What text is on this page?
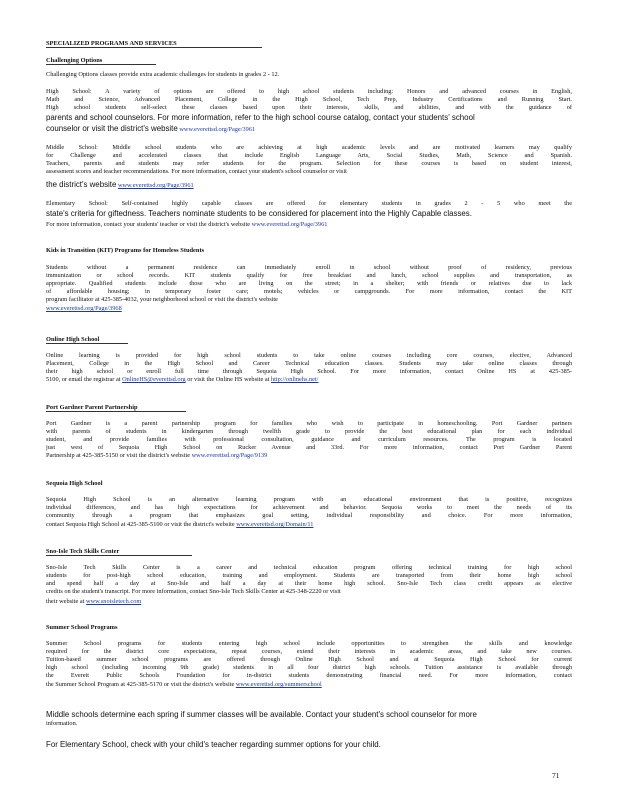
SPECIALIZED PROGRAMS AND SERVICES
Challenging Options
Challenging Options classes provide extra academic challenges for students in grades 2 - 12.
High School: A variety of options are offered to high school students including: Honors and advanced courses in English,
Math and Science, Advanced Placement, College in the High School, Tech Prep, Industry Certifications and Running Start.
High school students self-select these classes based upon their interests, skills, and abilities, and with the guidance of
parents and school counselors. For more information, refer to the high school course catalog, contact your students' school
counselor or visit the district's website www.everettsd.org/Page/3961
Middle School: Middle school students who are achieving at high academic levels and are motivated learners may qualify
for Challenge and accelerated classes that include English Language Arts, Social Studies, Math, Science and Spanish.
Teachers, parents and students may refer students for the program. Selection for these courses is based on student interest,
assessment scores and teacher recommendations. For more information, contact your student's school counselor or visit
the district's website www.everettsd.org/Page/3961
Elementary School: Self-contained highly capable classes are offered for elementary students in grades 2 - 5 who meet the
state's criteria for giftedness. Teachers nominate students to be considered for placement into the Highly Capable classes.
For more information, contact your students' teacher or visit the district's website www.everettsd.org/Page/3961
Kids in Transition (KIT) Programs for Homeless Students
Students without a permanent residence can immediately enroll in school without proof of residency, previous
immunization or school records. KIT students qualify for free breakfast and lunch, school supplies and transportation, as
appropriate. Qualified students include those who are living on the street; in a shelter; with friends or relatives due to lack
of affordable housing; in temporary foster care; motels; vehicles or campgrounds. For more information, contact the KIT
program facilitator at 425-385-4032, your neighborhood school or visit the district's website
www.everettsd.org/Page/3968
Online High School
Online learning is provided for high school students to take online courses including core courses, elective, Advanced
Placement, College in the High School and Career Technical education classes. Students may take online classes through
their high school or enroll full time through Sequoia High School. For more information, contact Online HS at 425-385-
5100, or email the registrar at OnlineHS@everettsd.org or visit the Online HS website at http://onlinehs.net/
Port Gardner Parent Partnership
Port Gardner is a parent partnership program for families who wish to participate in homeschooling. Port Gardner partners
with parents of students in kindergarten through twelfth grade to provide the best educational plan for each individual
student, and provide families with professional consultation, guidance and curriculum resources. The program is located
just west of Sequoia High School on Rucker Avenue and 33rd. For more information, contact Port Gardner Parent
Partnership at 425-385-5150 or visit the district's website www.everettsd.org/Page/9139
Sequoia High School
Sequoia High School is an alternative learning program with an educational environment that is positive, recognizes
individual differences, and has high expectations for achievement and behavior. Sequoia works to meet the needs of its
community through a program that emphasizes goal setting, individual responsibility and choice. For more information,
contact Sequoia High School at 425-385-5100 or visit the district's website www.everettsd.org/Domain/11
Sno-Isle Tech Skills Center
Sno-Isle Tech Skills Center is a career and technical education program offering technical training for high school
students for post-high school education, training and employment. Students are transported from their home high school
and spend half a day at Sno-Isle and half a day at their home high school. Sno-Isle Tech class credit appears as elective
credits on the student's transcript. For more information, contact Sno-Isle Tech Skills Center at 425-348-2220 or visit
their website at www.snoisletech.com
Summer School Programs
Summer School programs for students entering high school include opportunities to strengthen the skills and knowledge
required for the district core expectations, repeat courses, extend their interests in academic areas, and take new courses.
Tuition-based summer school programs are offered through Online High School and at Sequoia High School for current
high school (including incoming 9th grade) students in all four district high schools. Tuition assistance is available through
the Everett Public Schools Foundation for in-district students demonstrating financial need. For more information, contact
the Summer School Program at 425-385-5170 or visit the district's website www.everettsd.org/summerschool
Middle schools determine each spring if summer classes will be available. Contact your student's school counselor for more
information.
For Elementary School, check with your child's teacher regarding summer options for your child.
71
